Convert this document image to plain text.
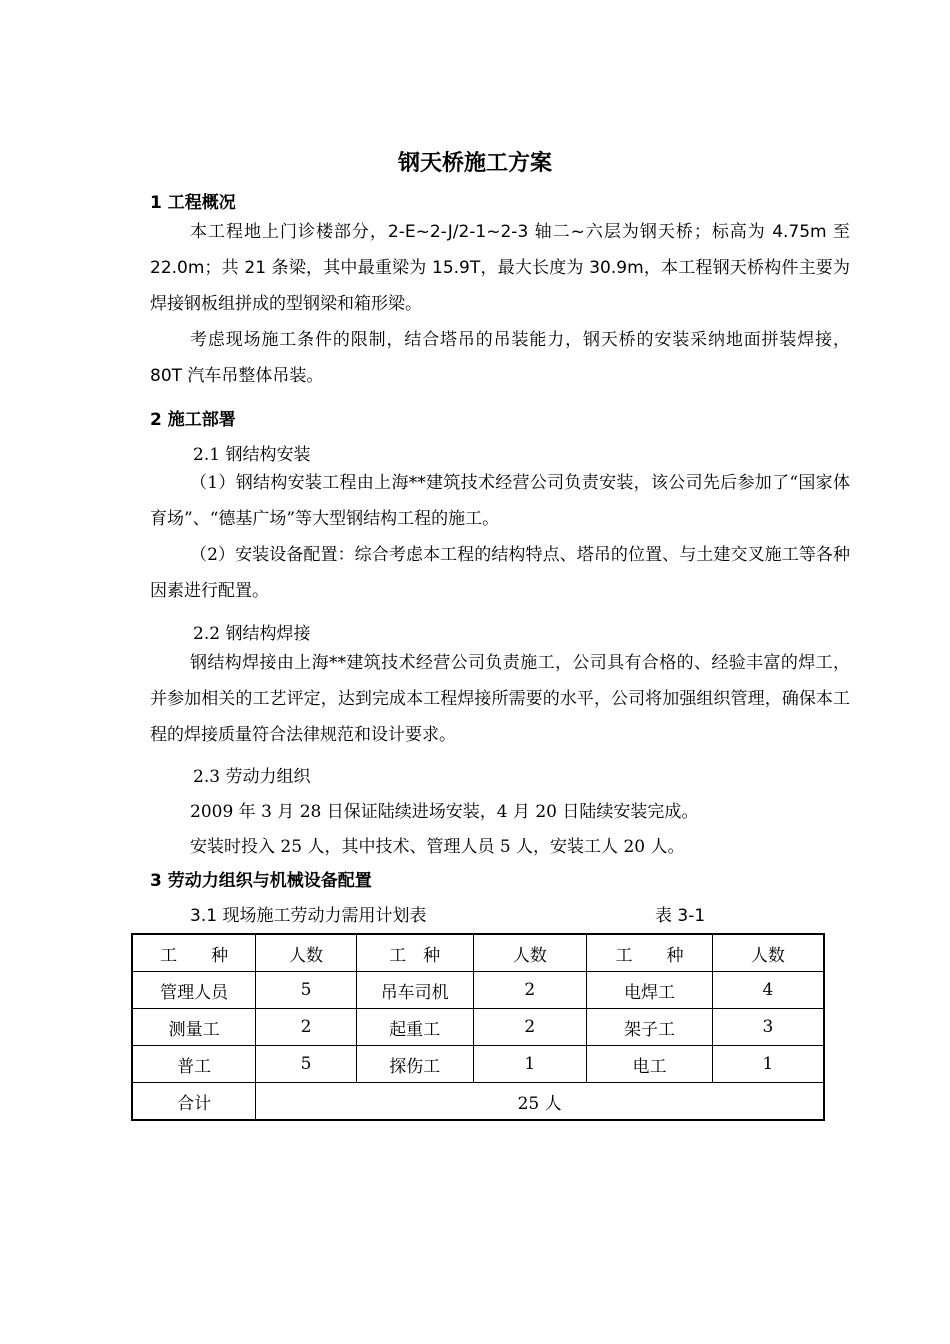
钢天桥施工方案
1 工程概况
本工程地上门诊楼部分，2-E~2-J/2-1~2-3 轴二~六层为钢天桥；标高为 4.75m 至 22.0m；共 21 条梁，其中最重梁为 15.9T，最大长度为 30.9m，本工程钢天桥构件主要为焊接钢板组拼成的型钢梁和箱形梁。
考虑现场施工条件的限制，结合塔吊的吊装能力，钢天桥的安装采纳地面拼装焊接，80T 汽车吊整体吊装。
2 施工部署
2.1 钢结构安装
（1）钢结构安装工程由上海**建筑技术经营公司负责安装，该公司先后参加了“国家体育场”、“德基广场”等大型钢结构工程的施工。
（2）安装设备配置：综合考虑本工程的结构特点、塔吊的位置、与土建交叉施工等各种因素进行配置。
2.2 钢结构焊接
钢结构焊接由上海**建筑技术经营公司负责施工，公司具有合格的、经验丰富的焊工，并参加相关的工艺评定，达到完成本工程焊接所需要的水平，公司将加强组织管理，确保本工程的焊接质量符合法律规范和设计要求。
2.3 劳动力组织
2009 年 3 月 28 日保证陆续进场安装，4 月 20 日陆续安装完成。
安装时投入 25 人，其中技术、管理人员 5 人，安装工人 20 人。
3 劳动力组织与机械设备配置
3.1 现场施工劳动力需用计划表	表 3-1
工　　种	人数	工　种	人数	工　　种	人数
管理人员	5	吊车司机	2	电焊工	4
测量工	2	起重工	2	架子工	3
普工	5	探伤工	1	电工	1
合计	25 人				
